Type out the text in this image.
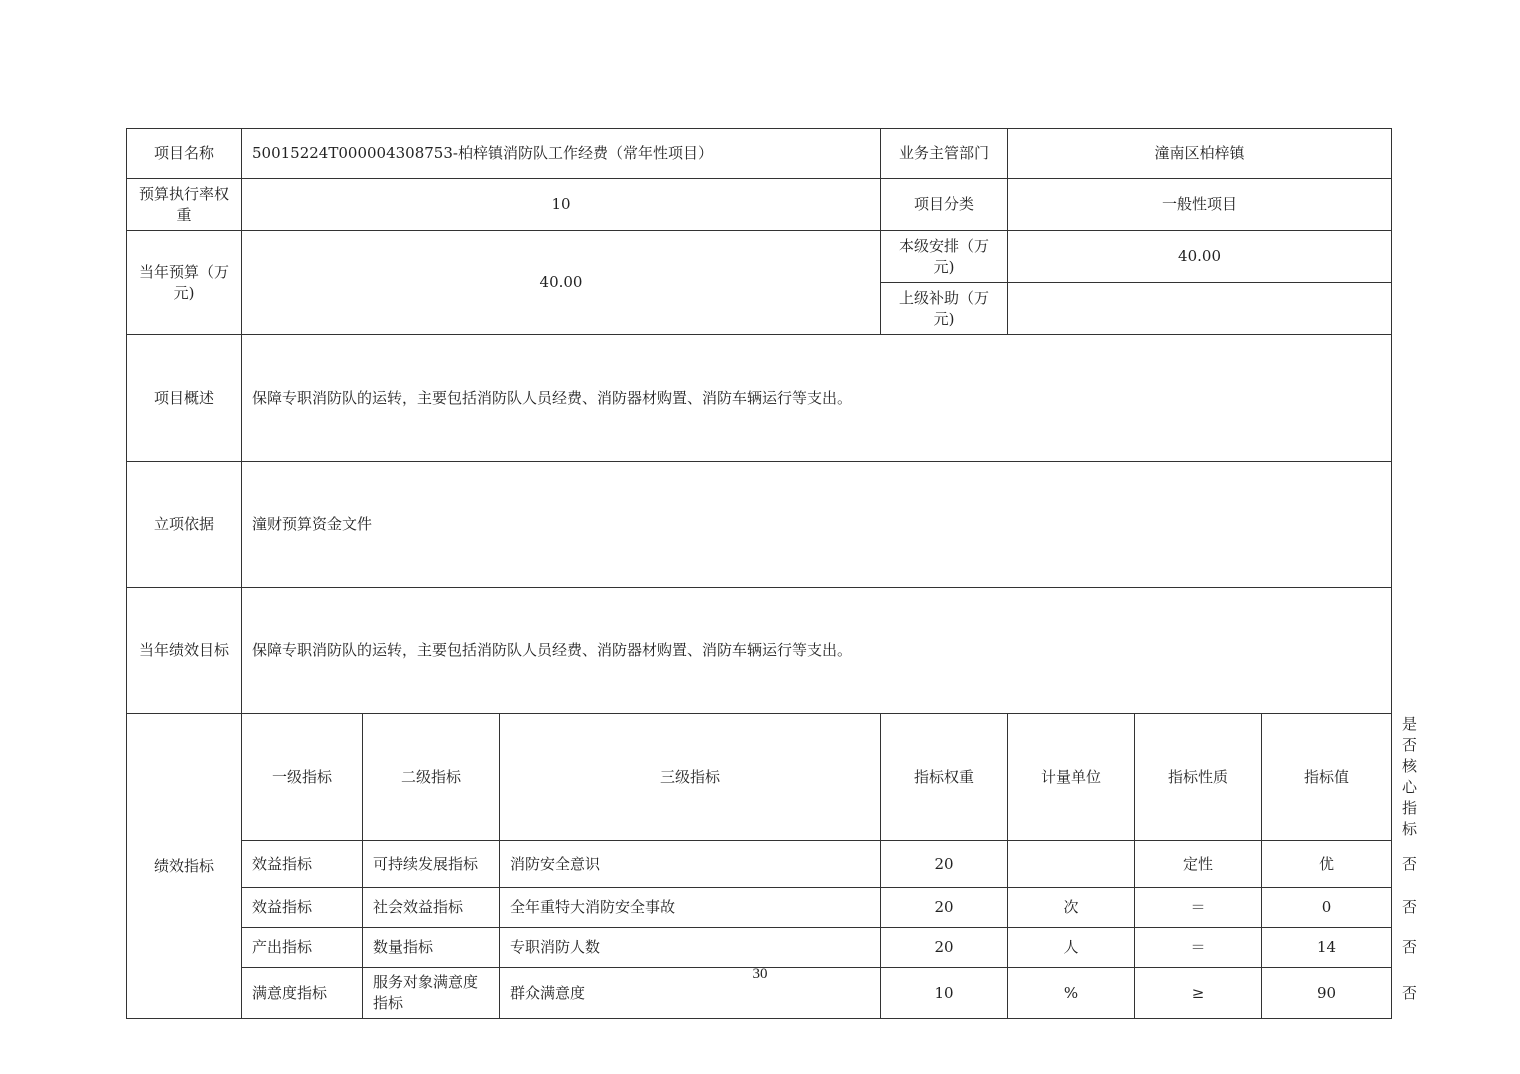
项目名称	50015224T000004308753-柏梓镇消防队工作经费（常年性项目）			业务主管部门	潼南区柏梓镇			
预算执行率权重	10			项目分类	一般性项目			
当年预算（万元)	40.00			本级安排（万元)	40.00			
				上级补助（万元)				
项目概述	保障专职消防队的运转，主要包括消防队人员经费、消防器材购置、消防车辆运行等支出。							
立项依据	潼财预算资金文件							
当年绩效目标	保障专职消防队的运转，主要包括消防队人员经费、消防器材购置、消防车辆运行等支出。							
绩效指标	一级指标	二级指标	三级指标	指标权重	计量单位	指标性质	指标值	是否核心指标
	效益指标	可持续发展指标	消防安全意识	20		定性	优	否
	效益指标	社会效益指标	全年重特大消防安全事故	20	次	＝	0	否
	产出指标	数量指标	专职消防人数	20	人	＝	14	否
	满意度指标	服务对象满意度指标	群众满意度	10	%	≥	90	否
30
